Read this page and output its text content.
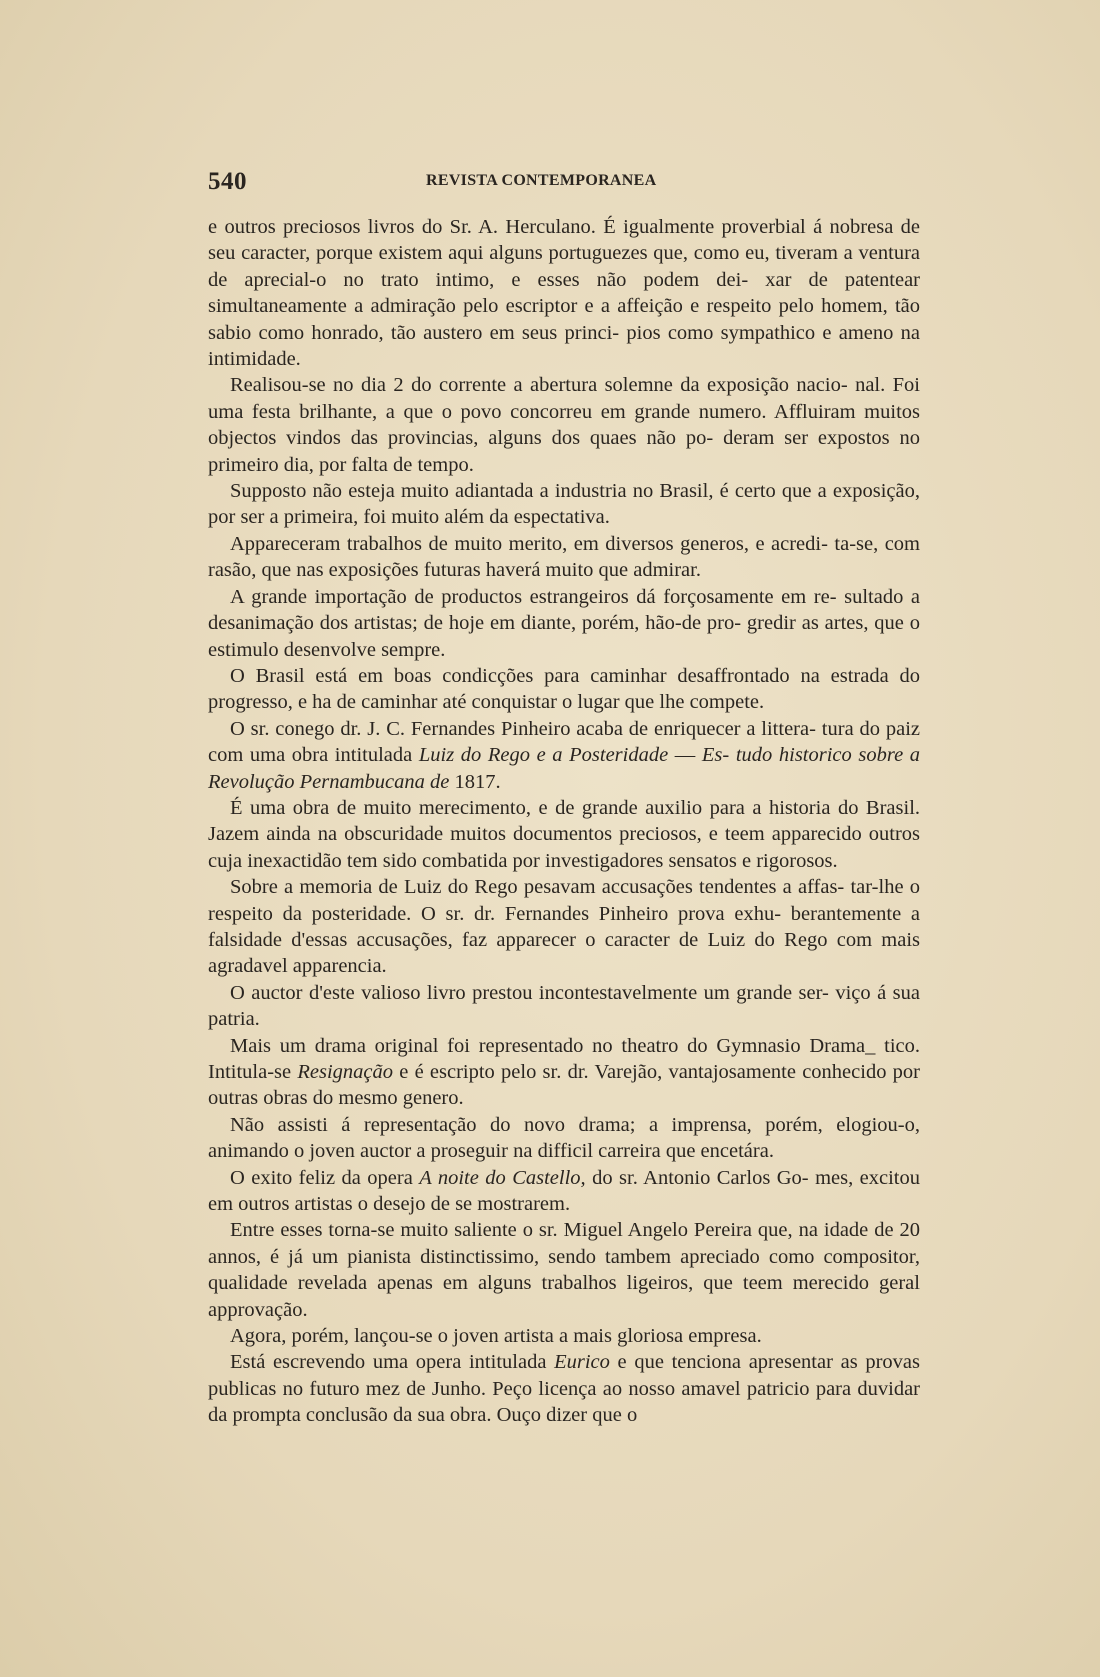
540	REVISTA CONTEMPORANEA

e outros preciosos livros do Sr. A. Herculano. É igualmente proverbial á nobresa de seu caracter, porque existem aqui alguns portuguezes que, como eu, tiveram a ventura de aprecial-o no trato intimo, e esses não podem dei- xar de patentear simultaneamente a admiração pelo escriptor e a affeição e respeito pelo homem, tão sabio como honrado, tão austero em seus princi- pios como sympathico e ameno na intimidade.

Realisou-se no dia 2 do corrente a abertura solemne da exposição nacio- nal. Foi uma festa brilhante, a que o povo concorreu em grande numero. Affluiram muitos objectos vindos das provincias, alguns dos quaes não po- deram ser expostos no primeiro dia, por falta de tempo.

Supposto não esteja muito adiantada a industria no Brasil, é certo que a exposição, por ser a primeira, foi muito além da espectativa.

Appareceram trabalhos de muito merito, em diversos generos, e acredi- ta-se, com rasão, que nas exposições futuras haverá muito que admirar.

A grande importação de productos estrangeiros dá forçosamente em re- sultado a desanimação dos artistas; de hoje em diante, porém, hão-de pro- gredir as artes, que o estimulo desenvolve sempre.

O Brasil está em boas condicções para caminhar desaffrontado na estrada do progresso, e ha de caminhar até conquistar o lugar que lhe compete.

O sr. conego dr. J. C. Fernandes Pinheiro acaba de enriquecer a littera- tura do paiz com uma obra intitulada Luiz do Rego e a Posteridade — Es- tudo historico sobre a Revolução Pernambucana de 1817.

É uma obra de muito merecimento, e de grande auxilio para a historia do Brasil. Jazem ainda na obscuridade muitos documentos preciosos, e teem apparecido outros cuja inexactidão tem sido combatida por investigadores sensatos e rigorosos.

Sobre a memoria de Luiz do Rego pesavam accusações tendentes a affas- tar-lhe o respeito da posteridade. O sr. dr. Fernandes Pinheiro prova exhu- berantemente a falsidade d'essas accusações, faz apparecer o caracter de Luiz do Rego com mais agradavel apparencia.

O auctor d'este valioso livro prestou incontestavelmente um grande ser- viço á sua patria.

Mais um drama original foi representado no theatro do Gymnasio Drama_ tico. Intitula-se Resignação e é escripto pelo sr. dr. Varejão, vantajosamente conhecido por outras obras do mesmo genero.

Não assisti á representação do novo drama; a imprensa, porém, elogiou-o, animando o joven auctor a proseguir na difficil carreira que encetára.

O exito feliz da opera A noite do Castello, do sr. Antonio Carlos Go- mes, excitou em outros artistas o desejo de se mostrarem.

Entre esses torna-se muito saliente o sr. Miguel Angelo Pereira que, na idade de 20 annos, é já um pianista distinctissimo, sendo tambem apreciado como compositor, qualidade revelada apenas em alguns trabalhos ligeiros, que teem merecido geral approvação.

Agora, porém, lançou-se o joven artista a mais gloriosa empresa.

Está escrevendo uma opera intitulada Eurico e que tenciona apresentar as provas publicas no futuro mez de Junho. Peço licença ao nosso amavel patricio para duvidar da prompta conclusão da sua obra. Ouço dizer que o
